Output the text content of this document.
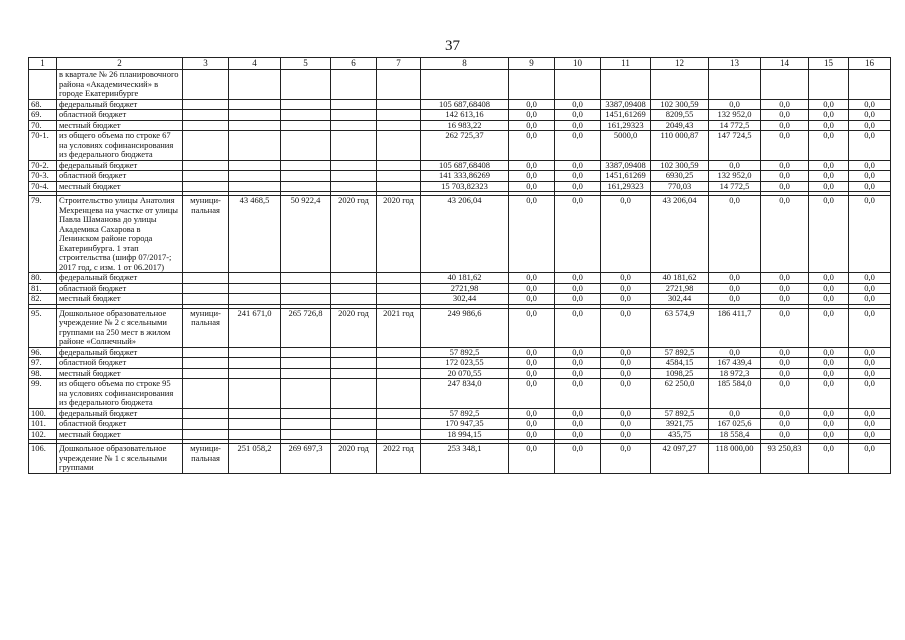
37
1	2	3	4	5	6	7	8	9	10	11	12	13	14	15	16
	в квартале № 26 планировочного района «Академический» в городе Екатеринбурге														
68.	федеральный бюджет						105 687,68408	0,0	0,0	3387,09408	102 300,59	0,0	0,0	0,0	0,0
69.	областной бюджет						142 613,16	0,0	0,0	1451,61269	8209,55	132 952,0	0,0	0,0	0,0
70.	местный бюджет						16 983,22	0,0	0,0	161,29323	2049,43	14 772,5	0,0	0,0	0,0
70-1.	из общего объема по строке 67 на условиях софинансирования из федерального бюджета						262 725,37	0,0	0,0	5000,0	110 000,87	147 724,5	0,0	0,0	0,0
70-2.	федеральный бюджет						105 687,68408	0,0	0,0	3387,09408	102 300,59	0,0	0,0	0,0	0,0
70-3.	областной бюджет						141 333,86269	0,0	0,0	1451,61269	6930,25	132 952,0	0,0	0,0	0,0
70-4.	местный бюджет						15 703,82323	0,0	0,0	161,29323	770,03	14 772,5	0,0	0,0	0,0

79.	Строительство улицы Анатолия Мехренцева на участке от улицы Павла Шаманова до улицы Академика Сахарова в Ленинском районе города Екатеринбурга. 1 этап строительства (шифр 07/2017-; 2017 год, с изм. 1 от 06.2017)	муници-пальная	43 468,5	50 922,4	2020 год	2020 год	43 206,04	0,0	0,0	0,0	43 206,04	0,0	0,0	0,0	0,0
80.	федеральный бюджет						40 181,62	0,0	0,0	0,0	40 181,62	0,0	0,0	0,0	0,0
81.	областной бюджет						2721,98	0,0	0,0	0,0	2721,98	0,0	0,0	0,0	0,0
82.	местный бюджет						302,44	0,0	0,0	0,0	302,44	0,0	0,0	0,0	0,0

95.	Дошкольное образовательное учреждение № 2 с ясельными группами на 250 мест в жилом районе «Солнечный»	муници-пальная	241 671,0	265 726,8	2020 год	2021 год	249 986,6	0,0	0,0	0,0	63 574,9	186 411,7	0,0	0,0	0,0
96.	федеральный бюджет						57 892,5	0,0	0,0	0,0	57 892,5	0,0	0,0	0,0	0,0
97.	областной бюджет						172 023,55	0,0	0,0	0,0	4584,15	167 439,4	0,0	0,0	0,0
98.	местный бюджет						20 070,55	0,0	0,0	0,0	1098,25	18 972,3	0,0	0,0	0,0
99.	из общего объема по строке 95 на условиях софинансирования из федерального бюджета						247 834,0	0,0	0,0	0,0	62 250,0	185 584,0	0,0	0,0	0,0
100.	федеральный бюджет						57 892,5	0,0	0,0	0,0	57 892,5	0,0	0,0	0,0	0,0
101.	областной бюджет						170 947,35	0,0	0,0	0,0	3921,75	167 025,6	0,0	0,0	0,0
102.	местный бюджет						18 994,15	0,0	0,0	0,0	435,75	18 558,4	0,0	0,0	0,0

106.	Дошкольное образовательное учреждение № 1 с ясельными группами	муници-пальная	251 058,2	269 697,3	2020 год	2022 год	253 348,1	0,0	0,0	0,0	42 097,27	118 000,00	93 250,83	0,0	0,0
